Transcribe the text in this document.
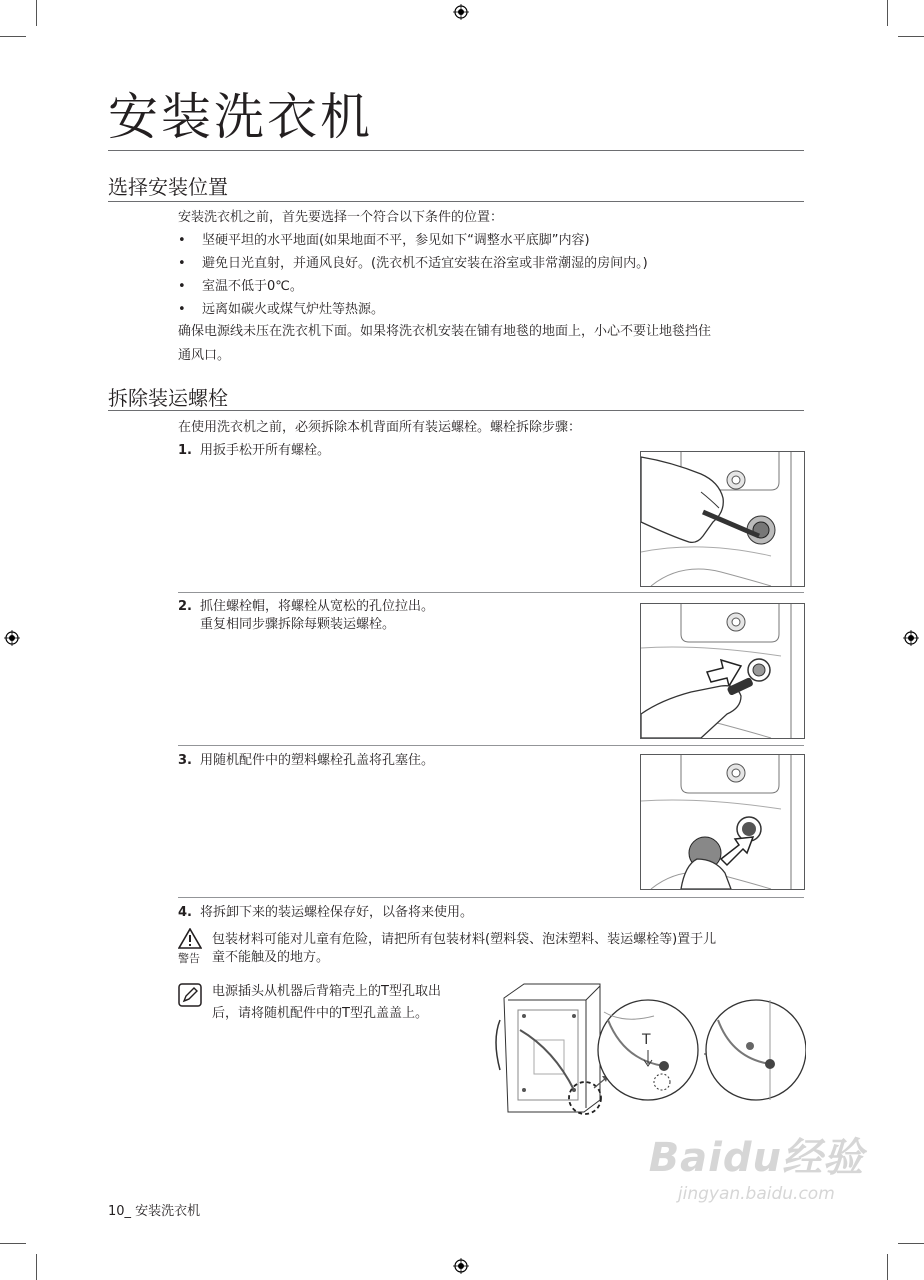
安装洗衣机
选择安装位置
安装洗衣机之前，首先要选择一个符合以下条件的位置：
• 坚硬平坦的水平地面(如果地面不平，参见如下“调整水平底脚”内容)
• 避免日光直射，并通风良好。(洗衣机不适宜安装在浴室或非常潮湿的房间内。)
• 室温不低于0℃。
• 远离如碳火或煤气炉灶等热源。
确保电源线未压在洗衣机下面。如果将洗衣机安装在铺有地毯的地面上，小心不要让地毯挡住
通风口。
拆除装运螺栓
在使用洗衣机之前，必须拆除本机背面所有装运螺栓。螺栓拆除步骤：
1. 用扳手松开所有螺栓。
2. 抓住螺栓帽，将螺栓从宽松的孔位拉出。
重复相同步骤拆除每颗装运螺栓。
3. 用随机配件中的塑料螺栓孔盖将孔塞住。
4. 将拆卸下来的装运螺栓保存好，以备将来使用。
警告
包装材料可能对儿童有危险，请把所有包装材料(塑料袋、泡沫塑料、装运螺栓等)置于儿
童不能触及的地方。
电源插头从机器后背箱壳上的T型孔取出
后，请将随机配件中的T型孔盖盖上。
T
10_ 安装洗衣机
Baidu经验
jingyan.baidu.com
